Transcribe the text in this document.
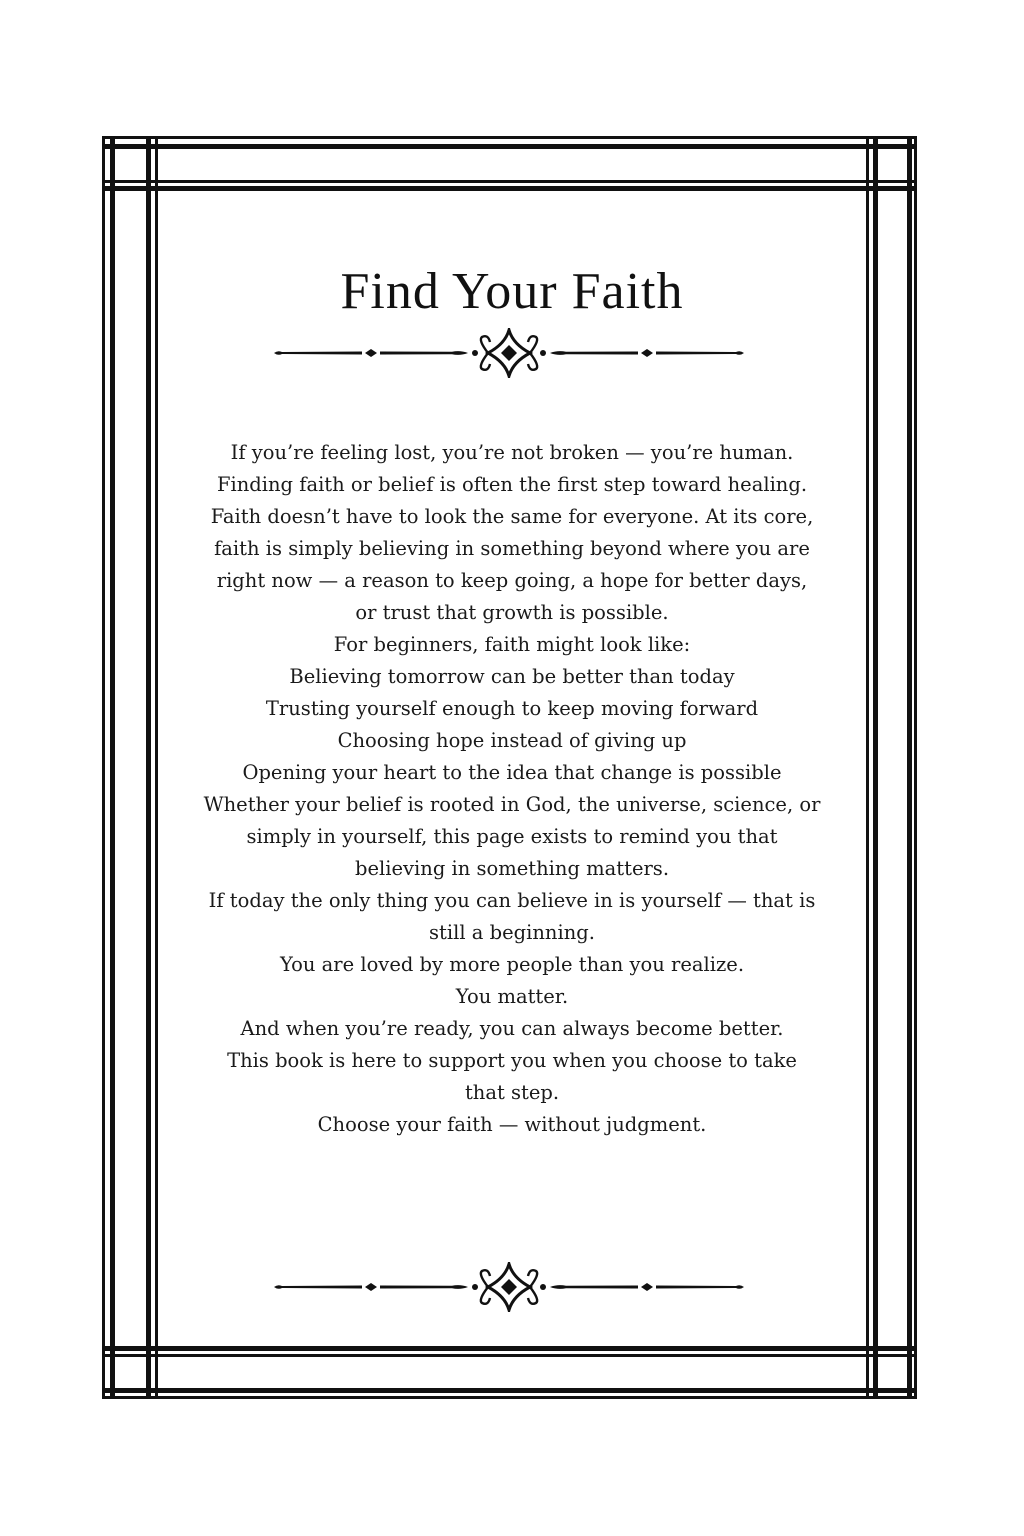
Find Your Faith
If you’re feeling lost, you’re not broken — you’re human.
Finding faith or belief is often the first step toward healing.
Faith doesn’t have to look the same for everyone. At its core,
faith is simply believing in something beyond where you are
right now — a reason to keep going, a hope for better days,
or trust that growth is possible.
For beginners, faith might look like:
Believing tomorrow can be better than today
Trusting yourself enough to keep moving forward
Choosing hope instead of giving up
Opening your heart to the idea that change is possible
Whether your belief is rooted in God, the universe, science, or
simply in yourself, this page exists to remind you that
believing in something matters.
If today the only thing you can believe in is yourself — that is
still a beginning.
You are loved by more people than you realize.
You matter.
And when you’re ready, you can always become better.
This book is here to support you when you choose to take
that step.
Choose your faith — without judgment.
